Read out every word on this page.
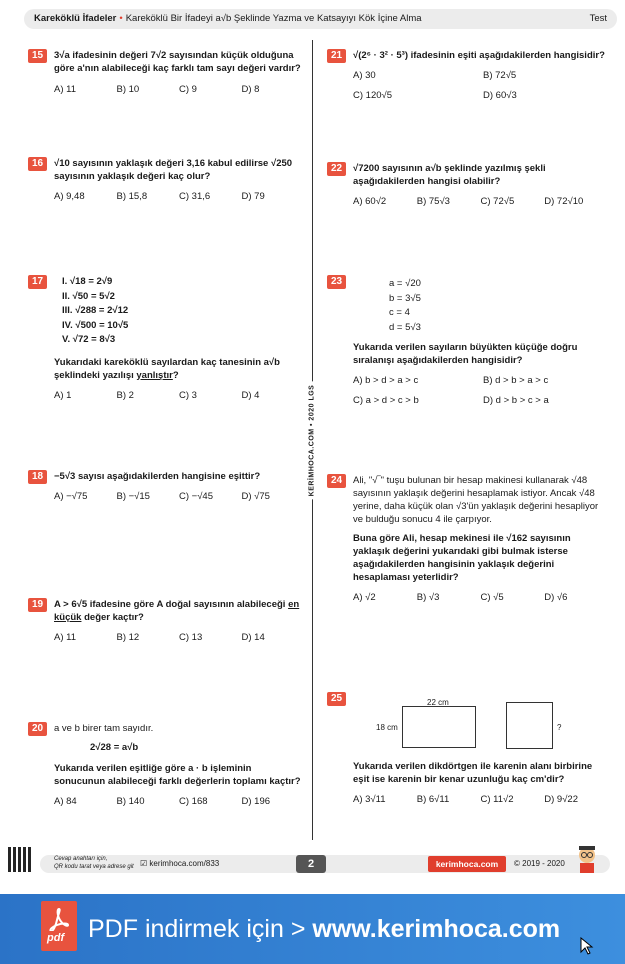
Kareköklü İfadeler • Kareköklü Bir İfadeyi a√b Şeklinde Yazma ve Katsayıyı Kök İçine Alma	Test
KERİMHOCA.COM • 2020 LGS
15	3√a ifadesinin değeri 7√2 sayısından küçük olduğuna göre a'nın alabileceği kaç farklı tam sayı değeri vardır?
A) 11	B) 10	C) 9	D) 8
16	√10 sayısının yaklaşık değeri 3,16 kabul edilirse √250 sayısının yaklaşık değeri kaç olur?
A) 9,48	B) 15,8	C) 31,6	D) 79
17	I. √18 = 2√9
II. √50 = 5√2
III. √288 = 2√12
IV. √500 = 10√5
V. √72 = 8√3
Yukarıdaki kareköklü sayılardan kaç tanesinin a√b şeklindeki yazılışı yanlıştır?
A) 1	B) 2	C) 3	D) 4
18	−5√3 sayısı aşağıdakilerden hangisine eşittir?
A) −√75	B) −√15	C) −√45	D) √75
19	A > 6√5 ifadesine göre A doğal sayısının alabileceği en küçük değer kaçtır?
A) 11	B) 12	C) 13	D) 14
20	a ve b birer tam sayıdır.
2√28 = a√b
Yukarıda verilen eşitliğe göre a · b işleminin sonucunun alabileceği farklı değerlerin toplamı kaçtır?
A) 84	B) 140	C) 168	D) 196
21	√(2⁶ · 3² · 5³) ifadesinin eşiti aşağıdakilerden hangisidir?
A) 30	B) 72√5
C) 120√5	D) 60√3
22	√7200 sayısının a√b şeklinde yazılmış şekli aşağıdakilerden hangisi olabilir?
A) 60√2	B) 75√3	C) 72√5	D) 72√10
23	a = √20
b = 3√5
c = 4
d = 5√3
Yukarıda verilen sayıların büyükten küçüğe doğru sıralanışı aşağıdakilerden hangisidir?
A) b > d > a > c	B) d > b > a > c
C) a > d > c > b	D) d > b > c > a
24	Ali, "√‾" tuşu bulunan bir hesap makinesi kullanarak √48 sayısının yaklaşık değerini hesaplamak istiyor. Ancak √48 yerine, daha küçük olan √3'ün yaklaşık değerini hesapliyor ve bulduğu sonucu 4 ile çarpıyor.
Buna göre Ali, hesap mekinesi ile √162 sayısının yaklaşık değerini yukarıdaki gibi bulmak isterse aşağıdakilerden hangisinin yaklaşık değerini hesaplaması yeterlidir?
A) √2	B) √3	C) √5	D) √6
25	22 cm
18 cm	?
Yukarıda verilen dikdörtgen ile karenin alanı birbirine eşit ise karenin bir kenar uzunluğu kaç cm'dir?
A) 3√11	B) 6√11	C) 11√2	D) 9√22
Cevap anahtarı için,
QR kodu tarat veya adrese git ☑ kerimhoca.com/833	2	kerimhoca.com	© 2019 - 2020
pdf PDF indirmek için > www.kerimhoca.com
